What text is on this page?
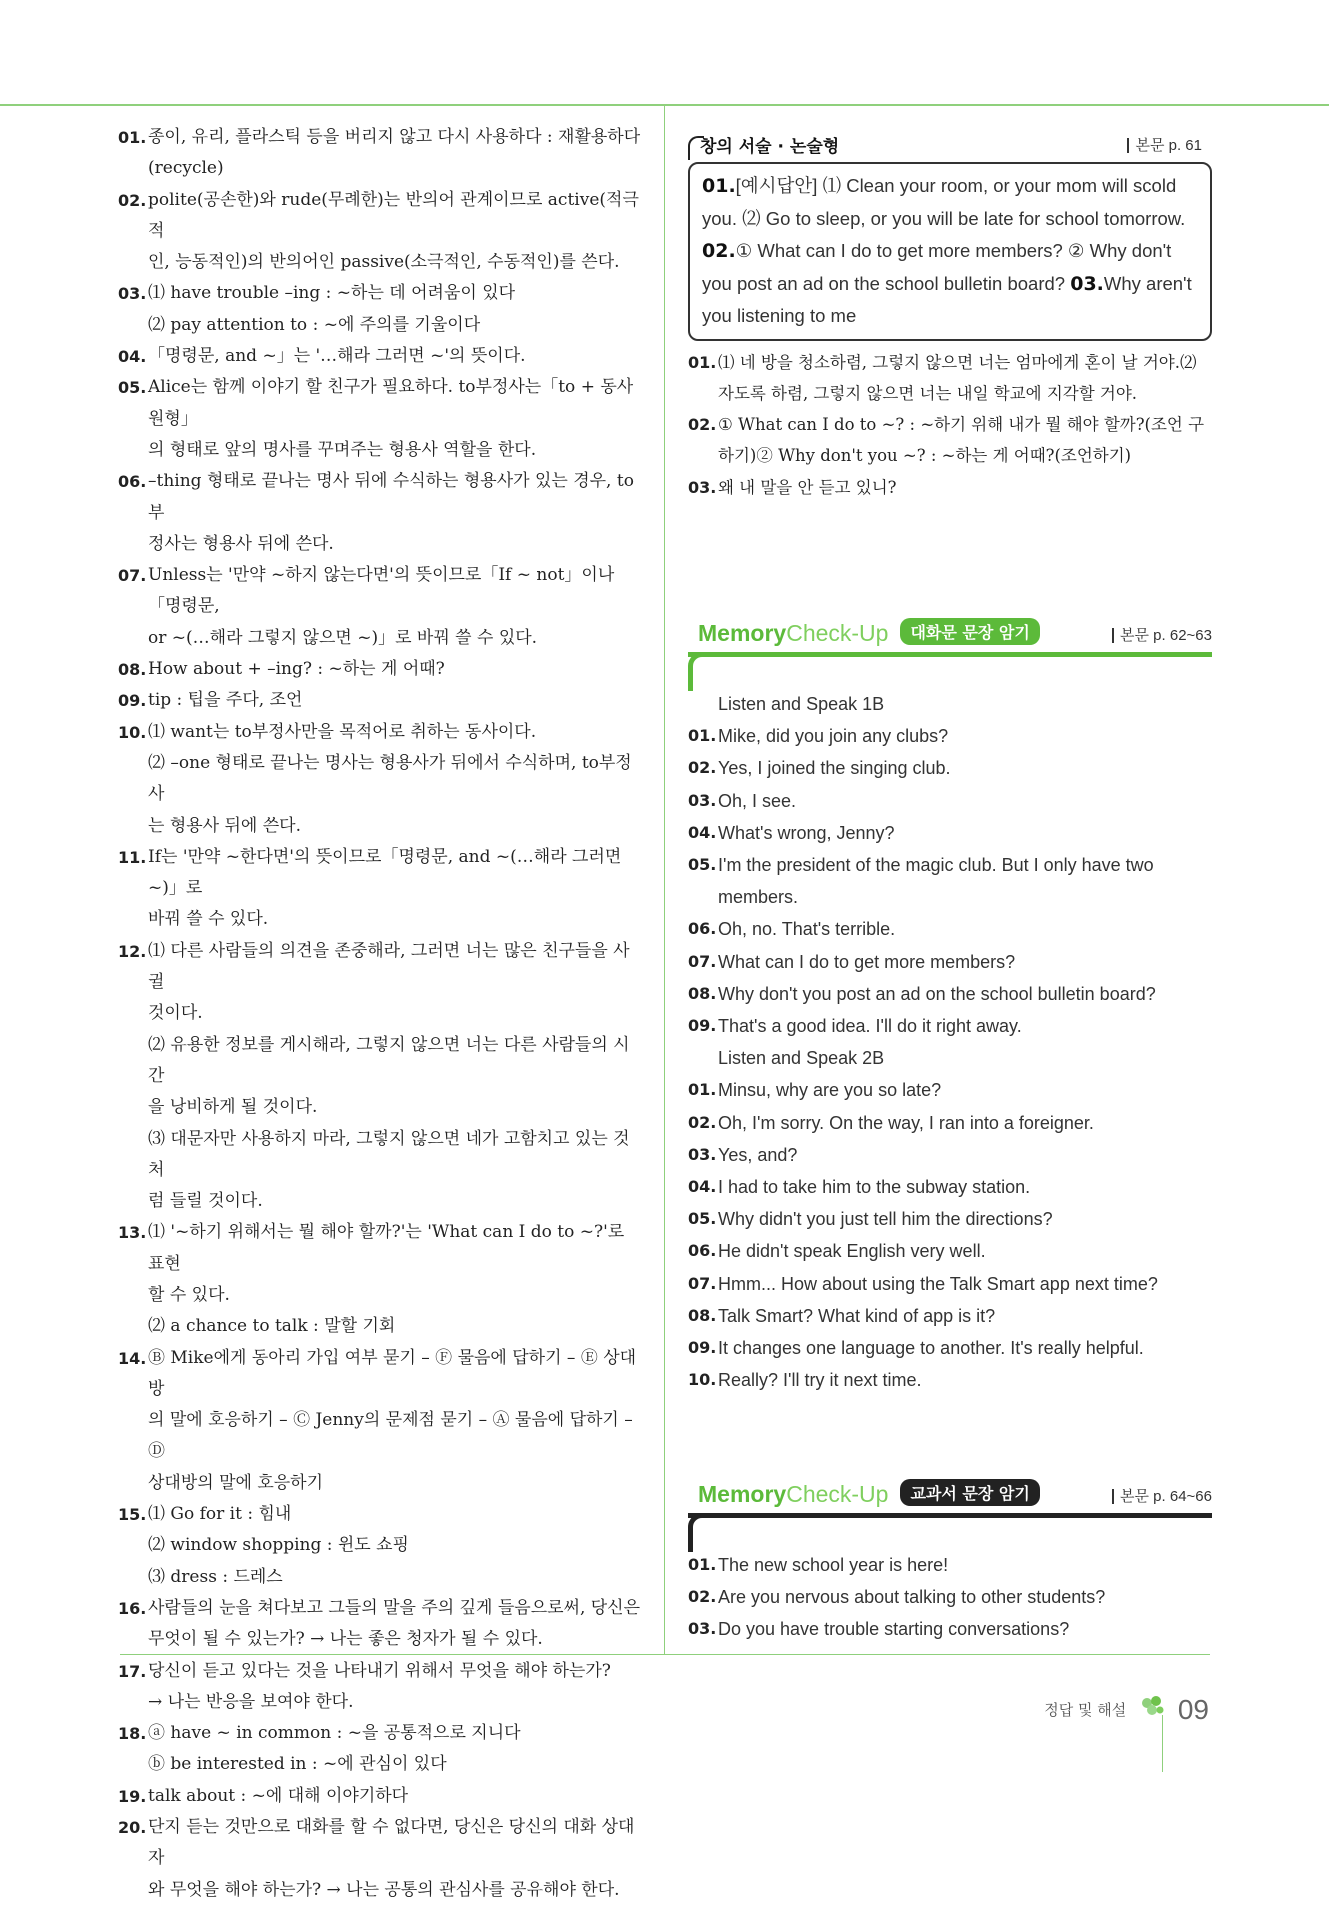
01. 종이, 유리, 플라스틱 등을 버리지 않고 다시 사용하다 : 재활용하다
(recycle)
02. polite(공손한)와 rude(무례한)는 반의어 관계이므로 active(적극적
인, 능동적인)의 반의어인 passive(소극적인, 수동적인)를 쓴다.
03. ⑴ have trouble –ing : ~하는 데 어려움이 있다
⑵ pay attention to : ~에 주의를 기울이다
04. 「명령문, and ~」는 '…해라 그러면 ~'의 뜻이다.
05. Alice는 함께 이야기 할 친구가 필요하다. to부정사는「to + 동사원형」
의 형태로 앞의 명사를 꾸며주는 형용사 역할을 한다.
06. –thing 형태로 끝나는 명사 뒤에 수식하는 형용사가 있는 경우, to부
정사는 형용사 뒤에 쓴다.
07. Unless는 '만약 ~하지 않는다면'의 뜻이므로「If ~ not」이나「명령문,
or ~(…해라 그렇지 않으면 ~)」로 바꿔 쓸 수 있다.
08. How about + –ing? : ~하는 게 어때?
09. tip : 팁을 주다, 조언
10. ⑴ want는 to부정사만을 목적어로 취하는 동사이다.
⑵ –one 형태로 끝나는 명사는 형용사가 뒤에서 수식하며, to부정사
는 형용사 뒤에 쓴다.
11. If는 '만약 ~한다면'의 뜻이므로「명령문, and ~(…해라 그러면 ~)」로
바꿔 쓸 수 있다.
12. ⑴ 다른 사람들의 의견을 존중해라, 그러면 너는 많은 친구들을 사귈
것이다.
⑵ 유용한 정보를 게시해라, 그렇지 않으면 너는 다른 사람들의 시간
을 낭비하게 될 것이다.
⑶ 대문자만 사용하지 마라, 그렇지 않으면 네가 고함치고 있는 것처
럼 들릴 것이다.
13. ⑴ '~하기 위해서는 뭘 해야 할까?'는 'What can I do to ~?'로 표현
할 수 있다.
⑵ a chance to talk : 말할 기회
14. Ⓑ Mike에게 동아리 가입 여부 묻기 – Ⓕ 물음에 답하기 – Ⓔ 상대방
의 말에 호응하기 – Ⓒ Jenny의 문제점 묻기 – Ⓐ 물음에 답하기 – Ⓓ
상대방의 말에 호응하기
15. ⑴ Go for it : 힘내
⑵ window shopping : 윈도 쇼핑
⑶ dress : 드레스
16. 사람들의 눈을 쳐다보고 그들의 말을 주의 깊게 들음으로써, 당신은
무엇이 될 수 있는가? → 나는 좋은 청자가 될 수 있다.
17. 당신이 듣고 있다는 것을 나타내기 위해서 무엇을 해야 하는가?
→ 나는 반응을 보여야 한다.
18. ⓐ have ~ in common : ~을 공통적으로 지니다
ⓑ be interested in : ~에 관심이 있다
19. talk about : ~에 대해 이야기하다
20. 단지 듣는 것만으로 대화를 할 수 없다면, 당신은 당신의 대화 상대자
와 무엇을 해야 하는가? → 나는 공통의 관심사를 공유해야 한다.
창의 서술 · 논술형	본문 p. 61
01.[예시답안] ⑴ Clean your room, or your mom will scold you. ⑵ Go to sleep, or you will be late for school tomorrow. 02.① What can I do to get more members? ② Why don't you post an ad on the school bulletin board? 03.Why aren't you listening to me
01. ⑴ 네 방을 청소하렴, 그렇지 않으면 너는 엄마에게 혼이 날 거야.⑵ 자도록 하렴, 그렇지 않으면 너는 내일 학교에 지각할 거야.
02. ① What can I do to ~? : ~하기 위해 내가 뭘 해야 할까?(조언 구하기)② Why don't you ~? : ~하는 게 어때?(조언하기)
03. 왜 내 말을 안 듣고 있니?
MemoryCheck-Up 대화문 문장 암기	본문 p. 62~63
Listen and Speak 1B
01. Mike, did you join any clubs?
02. Yes, I joined the singing club.
03. Oh, I see.
04. What's wrong, Jenny?
05. I'm the president of the magic club. But I only have two members.
06. Oh, no. That's terrible.
07. What can I do to get more members?
08. Why don't you post an ad on the school bulletin board?
09. That's a good idea. I'll do it right away.
Listen and Speak 2B
01. Minsu, why are you so late?
02. Oh, I'm sorry. On the way, I ran into a foreigner.
03. Yes, and?
04. I had to take him to the subway station.
05. Why didn't you just tell him the directions?
06. He didn't speak English very well.
07. Hmm... How about using the Talk Smart app next time?
08. Talk Smart? What kind of app is it?
09. It changes one language to another. It's really helpful.
10. Really? I'll try it next time.
MemoryCheck-Up 교과서 문장 암기	본문 p. 64~66
01. The new school year is here!
02. Are you nervous about talking to other students?
03. Do you have trouble starting conversations?
정답 및 해설 09
